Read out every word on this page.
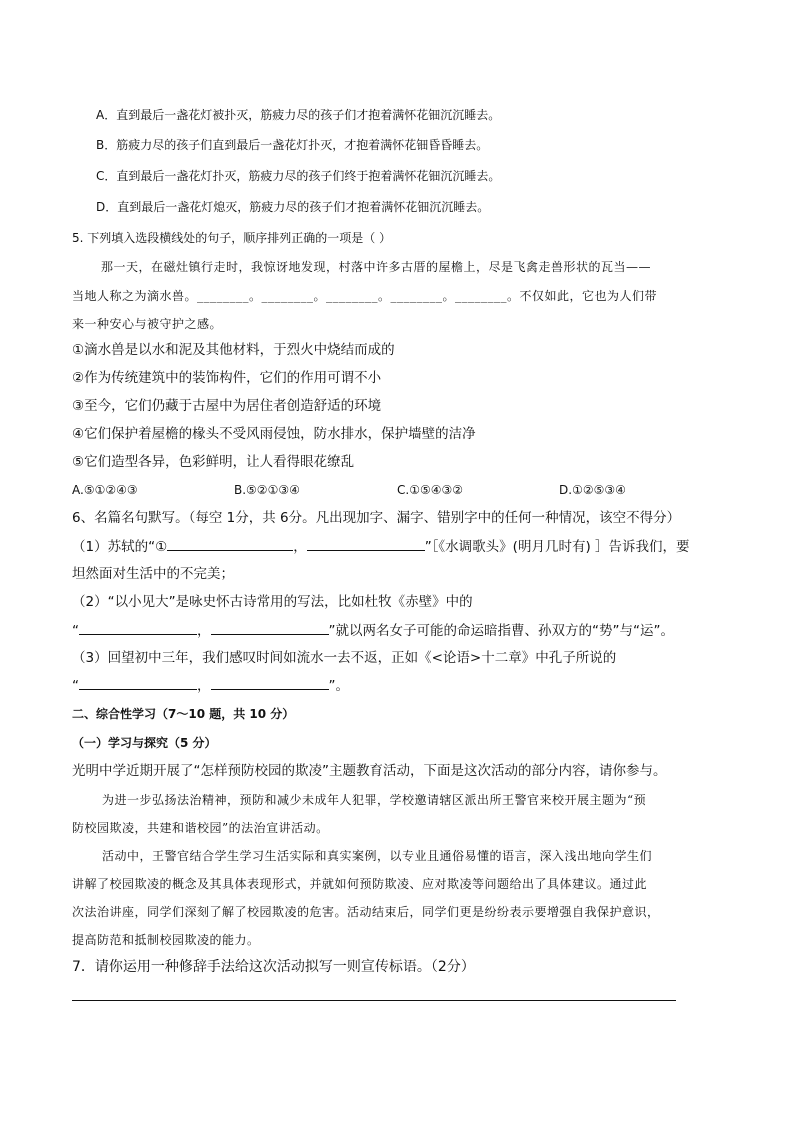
A．直到最后一盏花灯被扑灭，筋疲力尽的孩子们才抱着满怀花钿沉沉睡去。
B．筋疲力尽的孩子们直到最后一盏花灯扑灭，才抱着满怀花钿昏昏睡去。
C．直到最后一盏花灯扑灭，筋疲力尽的孩子们终于抱着满怀花钿沉沉睡去。
D．直到最后一盏花灯熄灭，筋疲力尽的孩子们才抱着满怀花钿沉沉睡去。
5. 下列填入选段横线处的句子，顺序排列正确的一项是（ ）
那一天，在磁灶镇行走时，我惊讶地发现，村落中许多古厝的屋檐上，尽是飞禽走兽形状的瓦当——
当地人称之为滴水兽。________。________。________。________。________。不仅如此，它也为人们带
来一种安心与被守护之感。
①滴水兽是以水和泥及其他材料，于烈火中烧结而成的
②作为传统建筑中的装饰构件，它们的作用可谓不小
③至今，它们仍藏于古屋中为居住者创造舒适的环境
④它们保护着屋檐的椽头不受风雨侵蚀，防水排水，保护墙壁的洁净
⑤它们造型各异，色彩鲜明，让人看得眼花缭乱
A.⑤①②④③	B.⑤②①③④	C.①⑤④③②	D.①②⑤③④
6、名篇名句默写。（每空 1分，共 6分。凡出现加字、漏字、错别字中的任何一种情况，该空不得分）
（1）苏轼的“①	，	”［《水调歌头》(明月几时有) ］告诉我们，要
坦然面对生活中的不完美；
（2）“以小见大”是咏史怀古诗常用的写法，比如杜牧《赤壁》中的
“	，	”就以两名女子可能的命运暗指曹、孙双方的“势”与“运”。
（3）回望初中三年，我们感叹时间如流水一去不返，正如《<论语>十二章》中孔子所说的
“	，	”。
二、综合性学习（7～10 题，共 10 分）
（一）学习与探究（5 分）
光明中学近期开展了“怎样预防校园的欺凌”主题教育活动，下面是这次活动的部分内容，请你参与。
为进一步弘扬法治精神，预防和减少未成年人犯罪，学校邀请辖区派出所王警官来校开展主题为“预
防校园欺凌，共建和谐校园”的法治宣讲活动。
活动中，王警官结合学生学习生活实际和真实案例，以专业且通俗易懂的语言，深入浅出地向学生们
讲解了校园欺凌的概念及其具体表现形式，并就如何预防欺凌、应对欺凌等问题给出了具体建议。通过此
次法治讲座，同学们深刻了解了校园欺凌的危害。活动结束后，同学们更是纷纷表示要增强自我保护意识，
提高防范和抵制校园欺凌的能力。
7．请你运用一种修辞手法给这次活动拟写一则宣传标语。（2分）
